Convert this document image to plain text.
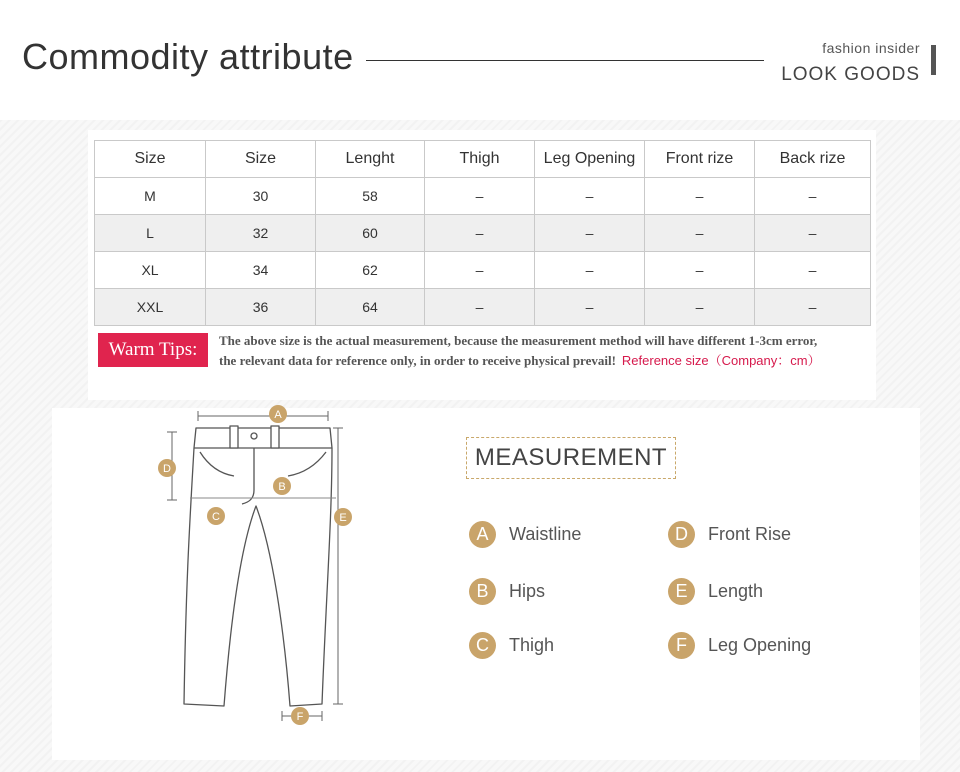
Commodity attribute	fashion insider
LOOK GOODS
Size	Size	Lenght	Thigh	Leg Opening	Front rize	Back rize
M	30	58	–	–	–	–
L	32	60	–	–	–	–
XL	34	62	–	–	–	–
XXL	36	64	–	–	–	–
Warm Tips:	The above size is the actual measurement, because the measurement method will have different 1-3cm error,
the relevant data for reference only, in order to receive physical prevail! Reference size（Company：cm）
A
B
C
D
E
F
MEASUREMENT
A	Waistline
B	Hips
C	Thigh
D	Front Rise
E	Length
F	Leg Opening
